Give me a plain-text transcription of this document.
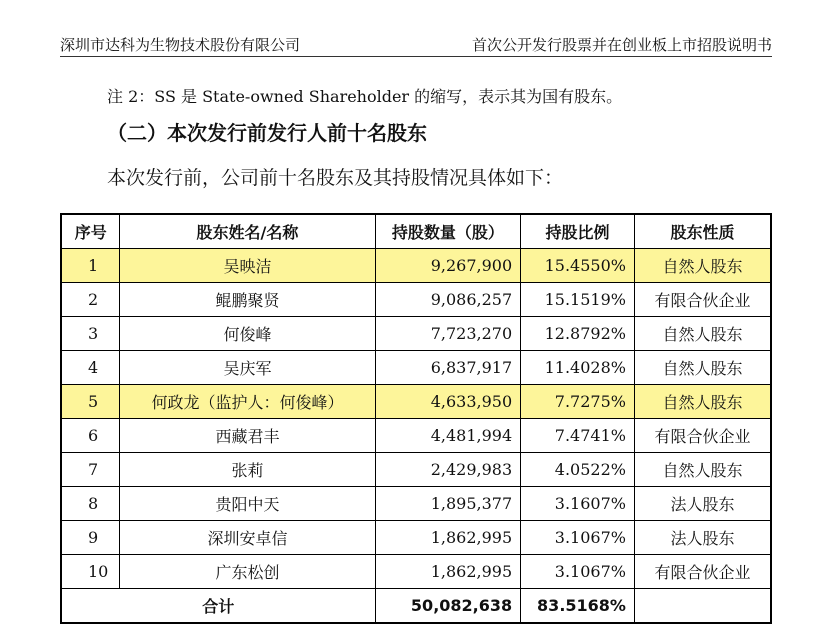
深圳市达科为生物技术股份有限公司	首次公开发行股票并在创业板上市招股说明书
注 2：SS 是 State-owned Shareholder 的缩写，表示其为国有股东。
（二）本次发行前发行人前十名股东
本次发行前，公司前十名股东及其持股情况具体如下：
序号	股东姓名/名称	持股数量（股）	持股比例	股东性质
1	吴映洁	9,267,900	15.4550%	自然人股东
2	鲲鹏聚贤	9,086,257	15.1519%	有限合伙企业
3	何俊峰	7,723,270	12.8792%	自然人股东
4	吴庆军	6,837,917	11.4028%	自然人股东
5	何政龙（监护人：何俊峰）	4,633,950	7.7275%	自然人股东
6	西藏君丰	4,481,994	7.4741%	有限合伙企业
7	张莉	2,429,983	4.0522%	自然人股东
8	贵阳中天	1,895,377	3.1607%	法人股东
9	深圳安卓信	1,862,995	3.1067%	法人股东
10	广东松创	1,862,995	3.1067%	有限合伙企业
合计		50,082,638	83.5168%	
